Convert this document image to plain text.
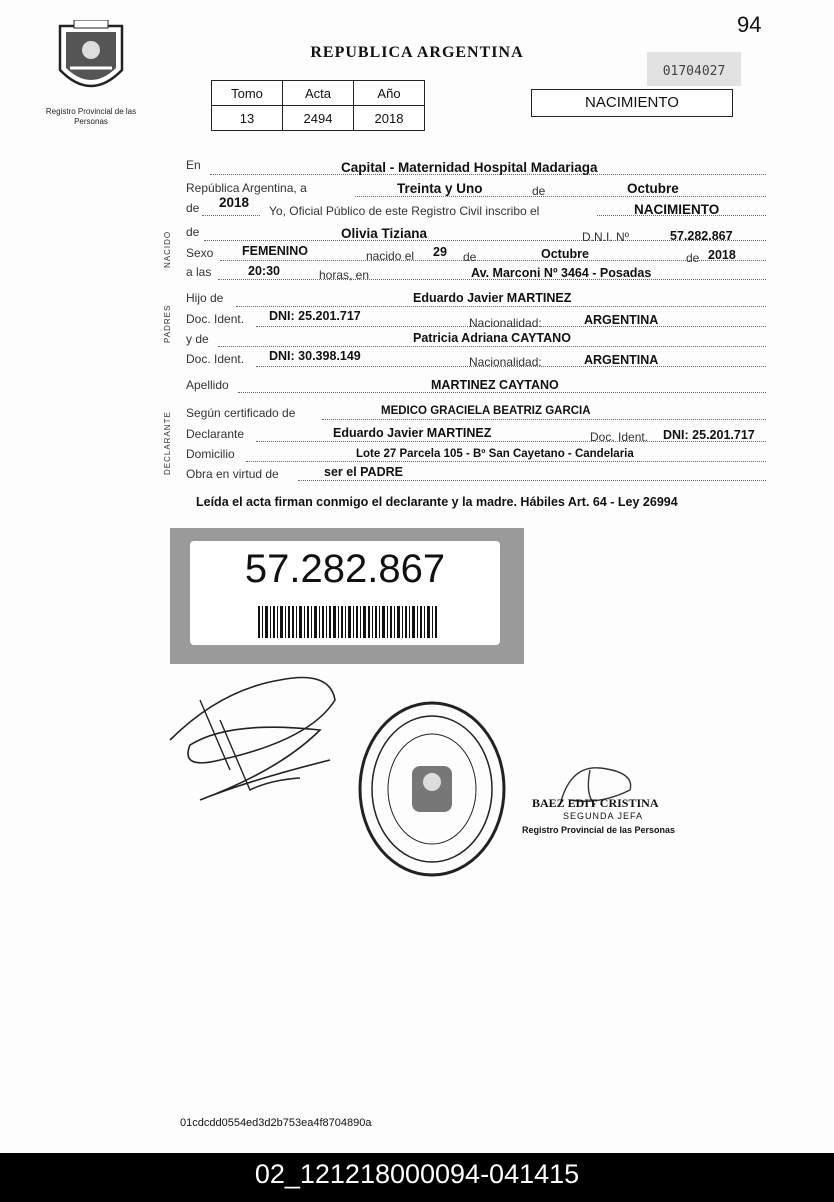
94
Registro Provincial de las Personas
REPUBLICA ARGENTINA
01704027
Tomo	Acta	Año
13	2494	2018
NACIMIENTO
NACIDO
PADRES
DECLARANTE
En	Capital - Maternidad Hospital Madariaga
República Argentina, a	Treinta y Uno	de	Octubre
de 2018
Yo, Oficial Público de este Registro Civil inscribo el	NACIMIENTO
de	Olivia Tiziana	D.N.I. Nº	57.282.867
Sexo FEMENINO	nacido el 29 de	Octubre	de 2018
a las	20:30	horas, en	Av. Marconi Nº 3464 - Posadas
Hijo de	Eduardo Javier MARTINEZ
Doc. Ident. DNI: 25.201.717	Nacionalidad:	ARGENTINA
y de	Patricia Adriana CAYTANO
Doc. Ident. DNI: 30.398.149	Nacionalidad:	ARGENTINA
Apellido	MARTINEZ CAYTANO
Según certificado de	MEDICO GRACIELA BEATRIZ GARCIA
Declarante	Eduardo Javier MARTINEZ	Doc. Ident. DNI: 25.201.717
Domicilio	Lote 27 Parcela 105 - Bº San Cayetano - Candelaria
Obra en virtud de	ser el PADRE
Leída el acta firman conmigo el declarante y la madre. Hábiles Art. 64 - Ley 26994
57.282.867
BAEZ EDIT CRISTINA
SEGUNDA JEFA
Registro Provincial de las Personas
01cdcdd0554ed3d2b753ea4f8704890a
02_121218000094-041415
